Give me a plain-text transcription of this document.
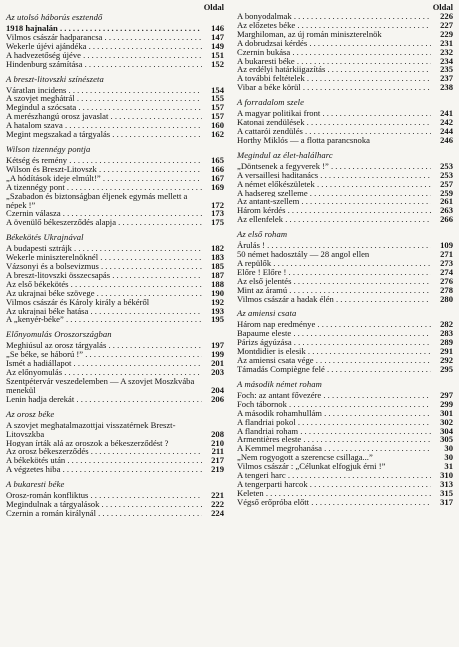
Oldal
Az utolsó háborús esztendő
1918 hajnalán . . .	146
Vilmos császár hadparancsa . . .	147
Wekerle újévi ajándéka . . .	149
A hadvezetőség újéve . . .	151
Hindenburg számítása . . .	152
A breszt-litovszki színészeta
Váratlan incidens . . .	154
A szovjet meghátrál . . .	155
Megindul a szócsata . . .	157
A merészhangú orosz javaslat . . .	157
A hatalom szava . . .	160
Megint megszakad a tárgyalás . . .	162
Wilson tizennégy pontja
Kétség és remény . . .	165
Wilson és Breszt-Litovszk . . .	166
„A hódítások ideje elmúlt!” . . .	167
A tizennégy pont . . .	169
„Szabadon és biztonságban éljenek egymás mellett a népek !”	172
Czernin válasza . . .	173
A övenülő békeszerződés alapja . . .	175
Békekötés Ukrajnával
A budapesti sztrájk . . .	182
Wekerle miniszterelnöknél . . .	183
Vázsonyi és a bolsevizmus . . .	185
A breszt-litovszki összecsapás . . .	187
Az első békekötés . . .	188
Az ukrajnai béke szövege . . .	190
Vilmos császár és Károly király a békéről	192
Az ukrajnai béke hatása . . .	193
A „kenyér-béke” . . .	195
Előnyomulás Oroszországban
Meghiúsul az orosz tárgyalás . . .	197
„Se béke, se háború !” . . .	199
Ismét a hadiállapot . . .	201
Az előnyomulás . . .	203
Szentpétervár veszedelemben — A szovjet Moszkvába menekül	204
Lenin hadja derekát . . .	206
Az orosz béke
A szovjet meghatalmazottjai visszatérnek Breszt-Litovszkba	208
Hogyan írták alá az oroszok a békeszerződést ?	210
Az orosz békeszerződés . . .	211
A békekötés után . . .	217
A végzetes hiba . . .	219
A bukaresti béke
Orosz-román konfliktus . . .	221
Megindulnak a tárgyalások . . .	222
Czernin a román királynál . . .	224
Oldal
A bonyodalmak . . .	226
Az előzetes béke . . .	227
Marghiloman, az új román miniszterelnök	229
A dobrudzsai kérdés . . .	231
Czernin bukása . . .	232
A bukaresti béke . . .	234
Az erdélyi határkiigazítás . . .	235
A további feltételek . . .	237
Vibar a béke körül . . .	238
A forradalom szele
A magyar politikai front . . .	241
Katonai zendülések . . .	242
A cattarói zendülés . . .	244
Horthy Miklós — a flotta parancsnoka	246
Megindul az élet-halálharc
„Döntsenek a fegyverek !” . . .	253
A versaillesi haditanács . . .	253
A német előkészületek . . .	257
A hadsereg szelleme . . .	259
Az antant-szellem . . .	261
Három kérdés . . .	263
Az ellenfelek . . .	266
Az első roham
Árulás ! . . .	109
50 német hadosztály — 28 angol ellen	271
A repülők . . .	273
Előre ! Előre ! . . .	274
Az első jelentés . . .	276
Mint az áramú . . .	278
Vilmos császár a hadak élén . . .	280
Az amiensi csata
Három nap eredménye . . .	282
Bapaume eleste . . .	283
Párizs ágyúzása . . .	289
Montdidier is elesik . . .	291
Az amiensi csata vége . . .	292
Támadás Compiègne felé . . .	295
A második német roham
Foch: az antant fővezére . . .	297
Foch tábornok . . .	299
A második rohamhullám . . .	301
A flandriai pokol . . .	302
A flandriai roham . . .	304
Armentières eleste . . .	305
A Kemmel megrohanása . . .	30
„Nem rogyogott a szerencse csillaga...”	30
Vilmos császár : „Célunkat elfogjuk érni !”	31
A tengeri harc . . .	310
A tengerparti harcok . . .	313
Keleten . . .	315
Végső erőpróba előtt . . .	317
